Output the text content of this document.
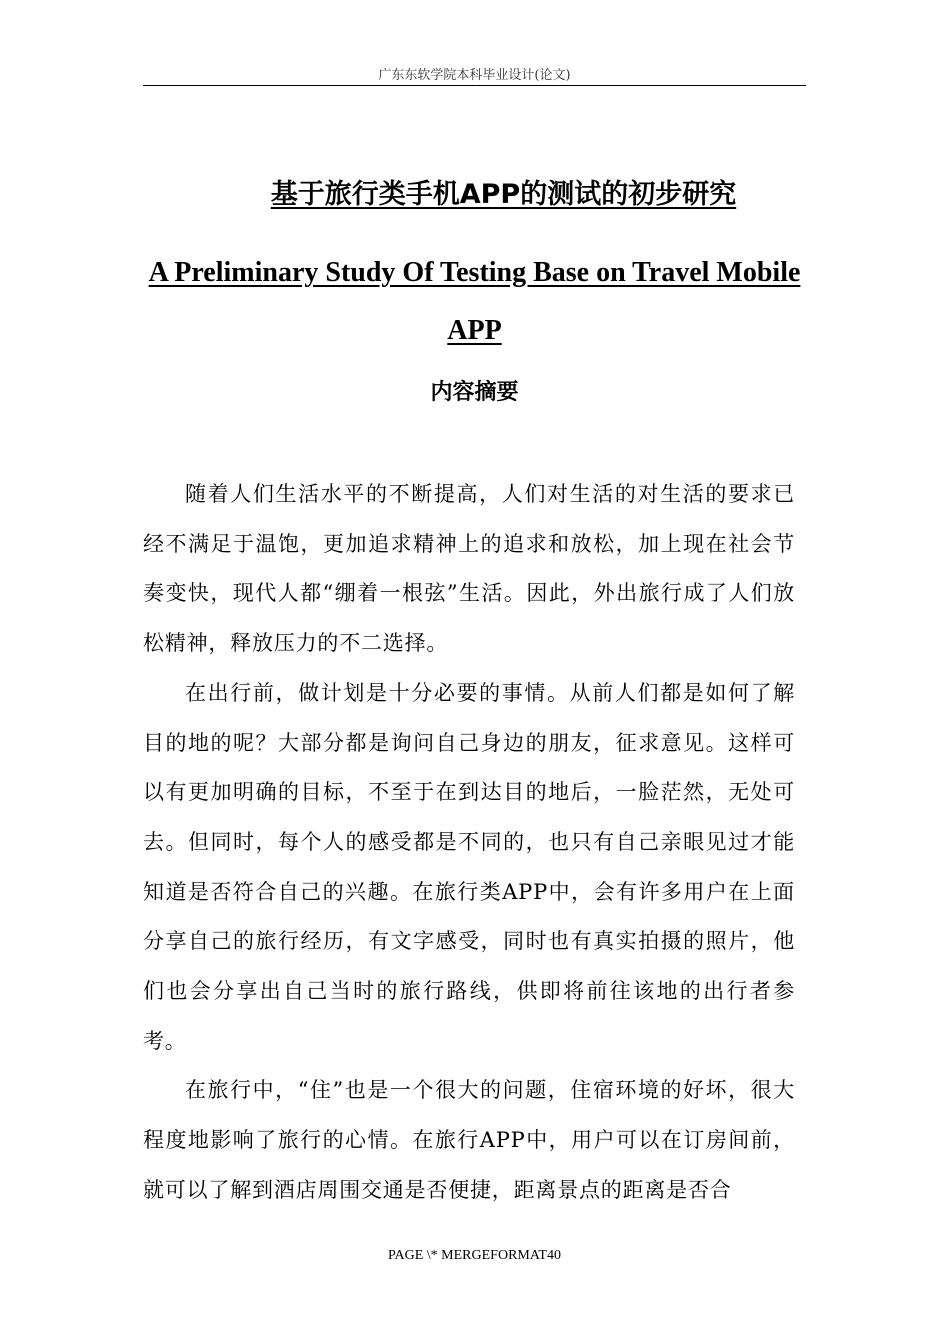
广东东软学院本科毕业设计(论文)
基于旅行类手机APP的测试的初步研究
A Preliminary Study Of Testing Base on Travel Mobile APP
内容摘要

随着人们生活水平的不断提高，人们对生活的对生活的要求已经不满足于温饱，更加追求精神上的追求和放松，加上现在社会节奏变快，现代人都“绷着一根弦”生活。因此，外出旅行成了人们放松精神，释放压力的不二选择。

在出行前，做计划是十分必要的事情。从前人们都是如何了解目的地的呢？大部分都是询问自己身边的朋友，征求意见。这样可以有更加明确的目标，不至于在到达目的地后，一脸茫然，无处可去。但同时，每个人的感受都是不同的，也只有自己亲眼见过才能知道是否符合自己的兴趣。在旅行类APP中，会有许多用户在上面分享自己的旅行经历，有文字感受，同时也有真实拍摄的照片，他们也会分享出自己当时的旅行路线，供即将前往该地的出行者参考。

在旅行中，“住”也是一个很大的问题，住宿环境的好坏，很大程度地影响了旅行的心情。在旅行APP中，用户可以在订房间前，就可以了解到酒店周围交通是否便捷，距离景点的距离是否合

PAGE \* MERGEFORMAT40
